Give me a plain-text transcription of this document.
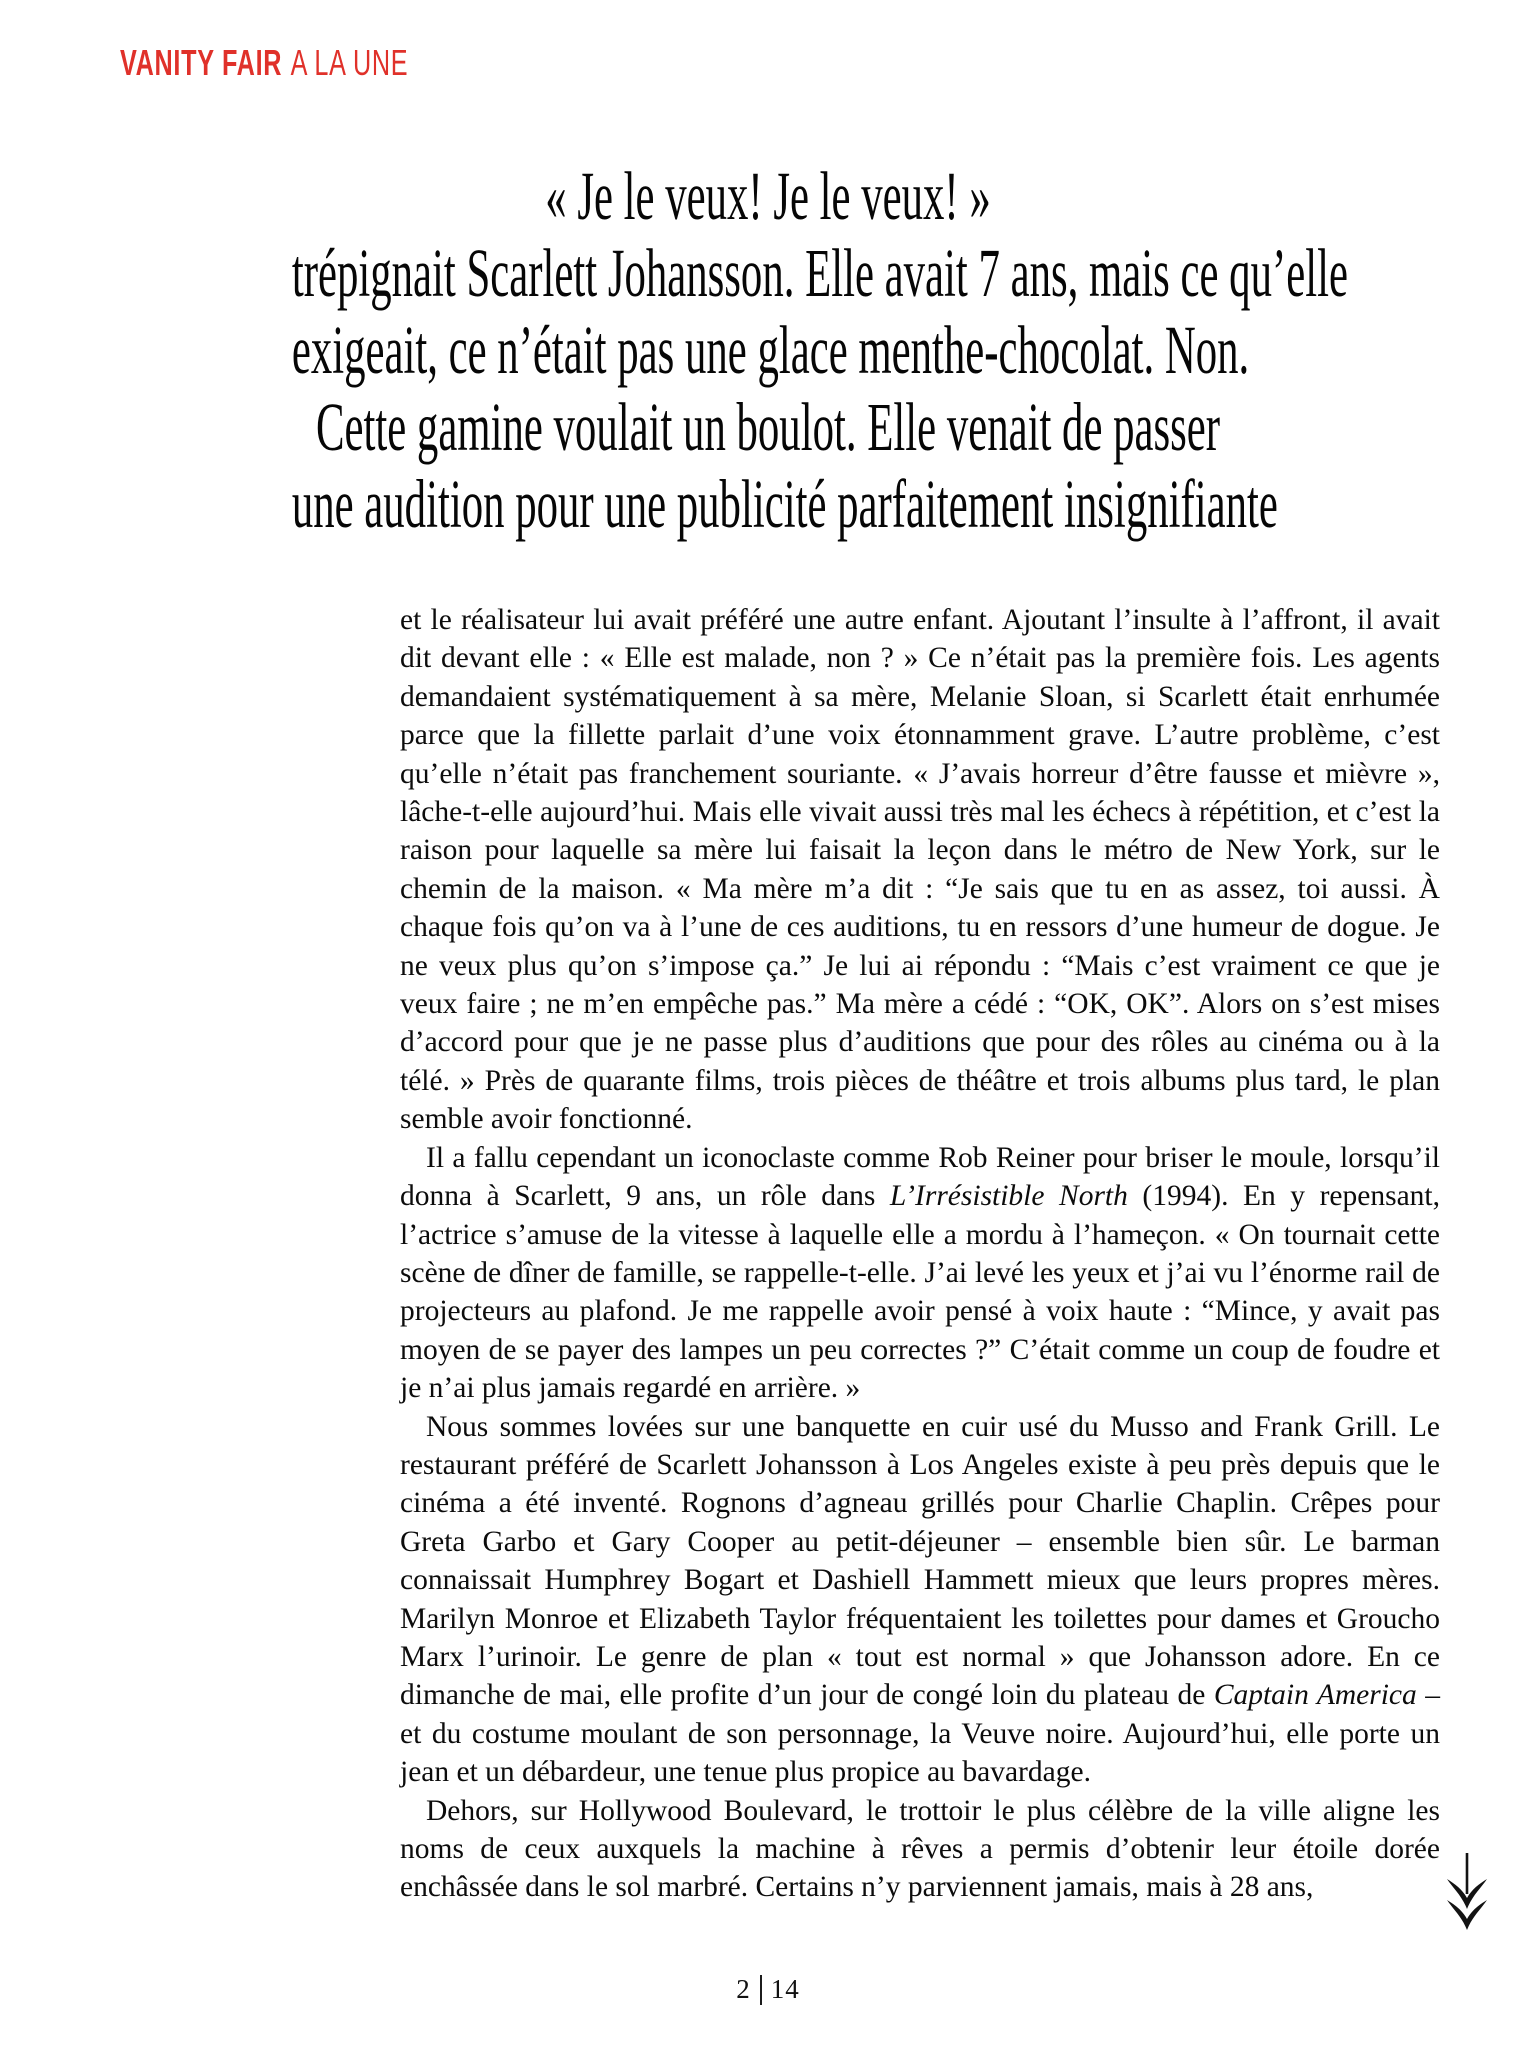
VANITY FAIR A LA UNE
« Je le veux! Je le veux! »
trépignait Scarlett Johansson. Elle avait 7 ans, mais ce qu’elle
exigeait, ce n’était pas une glace menthe-chocolat. Non.
Cette gamine voulait un boulot. Elle venait de passer
une audition pour une publicité parfaitement insignifiante

et le réalisateur lui avait préféré une autre enfant. Ajoutant l’insulte à l’affront, il avait dit devant elle : « Elle est malade, non ? » Ce n’était pas la première fois. Les agents demandaient systématiquement à sa mère, Melanie Sloan, si Scarlett était enrhumée parce que la fillette parlait d’une voix étonnamment grave. L’autre problème, c’est qu’elle n’était pas franchement souriante. « J’avais horreur d’être fausse et mièvre », lâche-t-elle aujourd’hui. Mais elle vivait aussi très mal les échecs à répétition, et c’est la raison pour laquelle sa mère lui faisait la leçon dans le métro de New York, sur le chemin de la maison. « Ma mère m’a dit : “Je sais que tu en as assez, toi aussi. À chaque fois qu’on va à l’une de ces auditions, tu en ressors d’une humeur de dogue. Je ne veux plus qu’on s’impose ça.” Je lui ai répondu : “Mais c’est vraiment ce que je veux faire ; ne m’en empêche pas.” Ma mère a cédé : “OK, OK”. Alors on s’est mises d’accord pour que je ne passe plus d’auditions que pour des rôles au cinéma ou à la télé. » Près de quarante films, trois pièces de théâtre et trois albums plus tard, le plan semble avoir fonctionné.

Il a fallu cependant un iconoclaste comme Rob Reiner pour briser le moule, lorsqu’il donna à Scarlett, 9 ans, un rôle dans L’Irrésistible North (1994). En y repensant, l’actrice s’amuse de la vitesse à laquelle elle a mordu à l’hameçon. « On tournait cette scène de dîner de famille, se rappelle-t-elle. J’ai levé les yeux et j’ai vu l’énorme rail de projecteurs au plafond. Je me rappelle avoir pensé à voix haute : “Mince, y avait pas moyen de se payer des lampes un peu correctes ?” C’était comme un coup de foudre et je n’ai plus jamais regardé en arrière. »

Nous sommes lovées sur une banquette en cuir usé du Musso and Frank Grill. Le restaurant préféré de Scarlett Johansson à Los Angeles existe à peu près depuis que le cinéma a été inventé. Rognons d’agneau grillés pour Charlie Chaplin. Crêpes pour Greta Garbo et Gary Cooper au petit-déjeuner – ensemble bien sûr. Le barman connaissait Humphrey Bogart et Dashiell Hammett mieux que leurs propres mères. Marilyn Monroe et Elizabeth Taylor fréquentaient les toilettes pour dames et Groucho Marx l’urinoir. Le genre de plan « tout est normal » que Johansson adore. En ce dimanche de mai, elle profite d’un jour de congé loin du plateau de Captain America – et du costume moulant de son personnage, la Veuve noire. Aujourd’hui, elle porte un jean et un débardeur, une tenue plus propice au bavardage.

Dehors, sur Hollywood Boulevard, le trottoir le plus célèbre de la ville aligne les noms de ceux auxquels la machine à rêves a permis d’obtenir leur étoile dorée enchâssée dans le sol marbré. Certains n’y parviennent jamais, mais à 28 ans,

2 14
